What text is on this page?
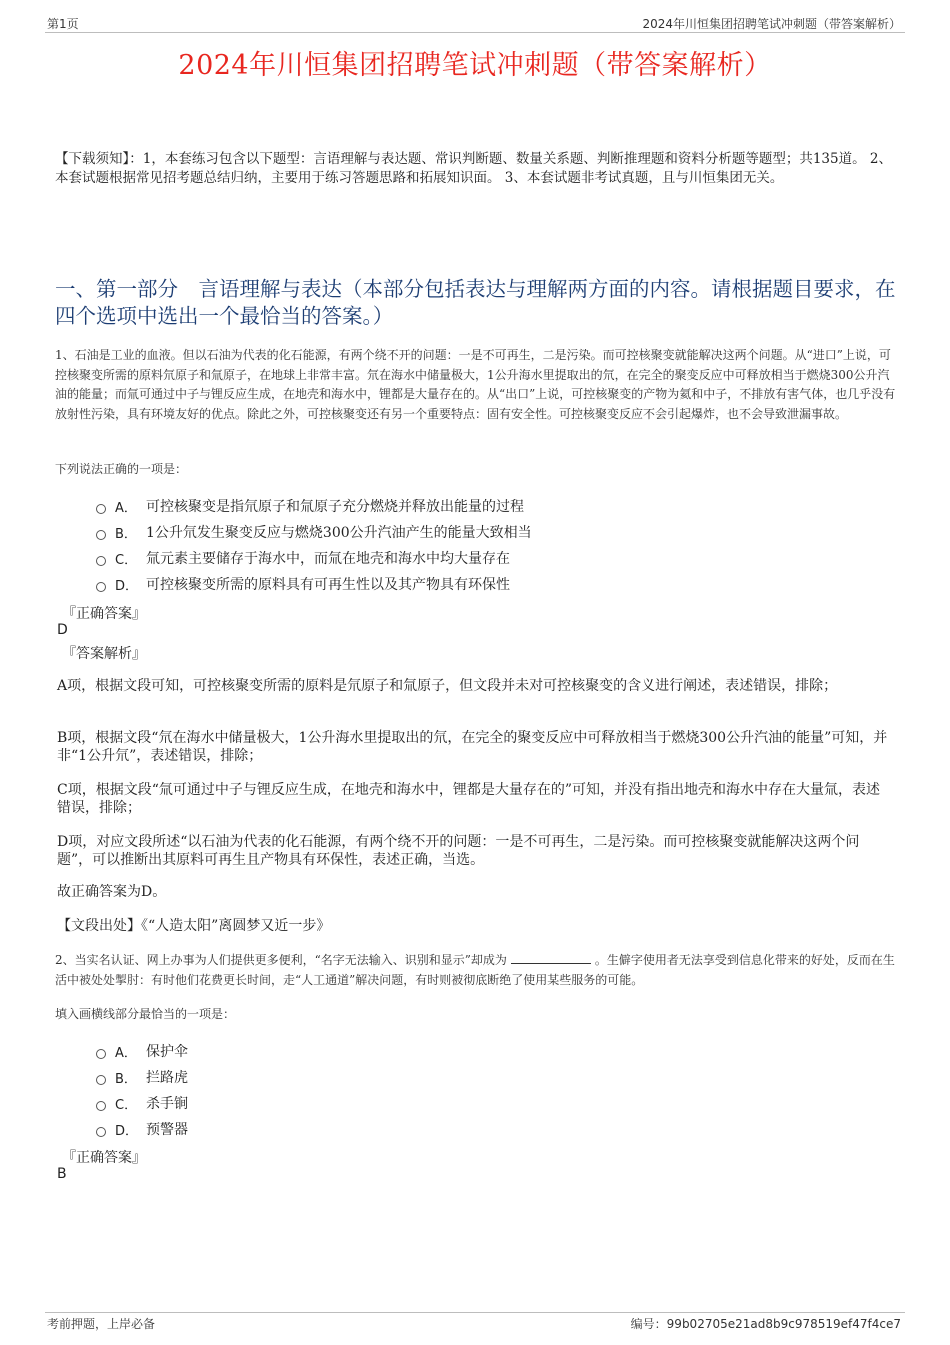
第1页	2024年川恒集团招聘笔试冲刺题（带答案解析）
2024年川恒集团招聘笔试冲刺题（带答案解析）
【下载须知】：1，本套练习包含以下题型：言语理解与表达题、常识判断题、数量关系题、判断推理题和资料分析题等题型；共135道。 2、本套试题根据常见招考题总结归纳，主要用于练习答题思路和拓展知识面。 3、本套试题非考试真题，且与川恒集团无关。
一、第一部分　言语理解与表达（本部分包括表达与理解两方面的内容。请根据题目要求，在四个选项中选出一个最恰当的答案。）
1、石油是工业的血液。但以石油为代表的化石能源，有两个绕不开的问题：一是不可再生，二是污染。而可控核聚变就能解决这两个问题。从“进口”上说，可控核聚变所需的原料氘原子和氚原子，在地球上非常丰富。氘在海水中储量极大，1公升海水里提取出的氘，在完全的聚变反应中可释放相当于燃烧300公升汽油的能量；而氚可通过中子与锂反应生成，在地壳和海水中，锂都是大量存在的。从“出口”上说，可控核聚变的产物为氦和中子，不排放有害气体，也几乎没有放射性污染，具有环境友好的优点。除此之外，可控核聚变还有另一个重要特点：固有安全性。可控核聚变反应不会引起爆炸，也不会导致泄漏事故。
下列说法正确的一项是：
A． 可控核聚变是指氘原子和氚原子充分燃烧并释放出能量的过程
B． 1公升氘发生聚变反应与燃烧300公升汽油产生的能量大致相当
C． 氚元素主要储存于海水中，而氚在地壳和海水中均大量存在
D． 可控核聚变所需的原料具有可再生性以及其产物具有环保性
『正确答案』
D
『答案解析』
A项，根据文段可知，可控核聚变所需的原料是氘原子和氚原子，但文段并未对可控核聚变的含义进行阐述，表述错误，排除；
B项，根据文段“氘在海水中储量极大，1公升海水里提取出的氘，在完全的聚变反应中可释放相当于燃烧300公升汽油的能量”可知，并非“1公升氘”，表述错误，排除；
C项，根据文段“氚可通过中子与锂反应生成，在地壳和海水中，锂都是大量存在的”可知，并没有指出地壳和海水中存在大量氚，表述错误，排除；
D项，对应文段所述“以石油为代表的化石能源，有两个绕不开的问题：一是不可再生，二是污染。而可控核聚变就能解决这两个问题”，可以推断出其原料可再生且产物具有环保性，表述正确，当选。
故正确答案为D。
【文段出处】《“人造太阳”离圆梦又近一步》
2、当实名认证、网上办事为人们提供更多便利，“名字无法输入、识别和显示”却成为	。生僻字使用者无法享受到信息化带来的好处，反而在生活中被处处掣肘：有时他们花费更长时间，走“人工通道”解决问题，有时则被彻底断绝了使用某些服务的可能。
填入画横线部分最恰当的一项是：
A． 保护伞
B． 拦路虎
C． 杀手锏
D． 预警器
『正确答案』
B
考前押题，上岸必备	编号：99b02705e21ad8b9c978519ef47f4ce7
